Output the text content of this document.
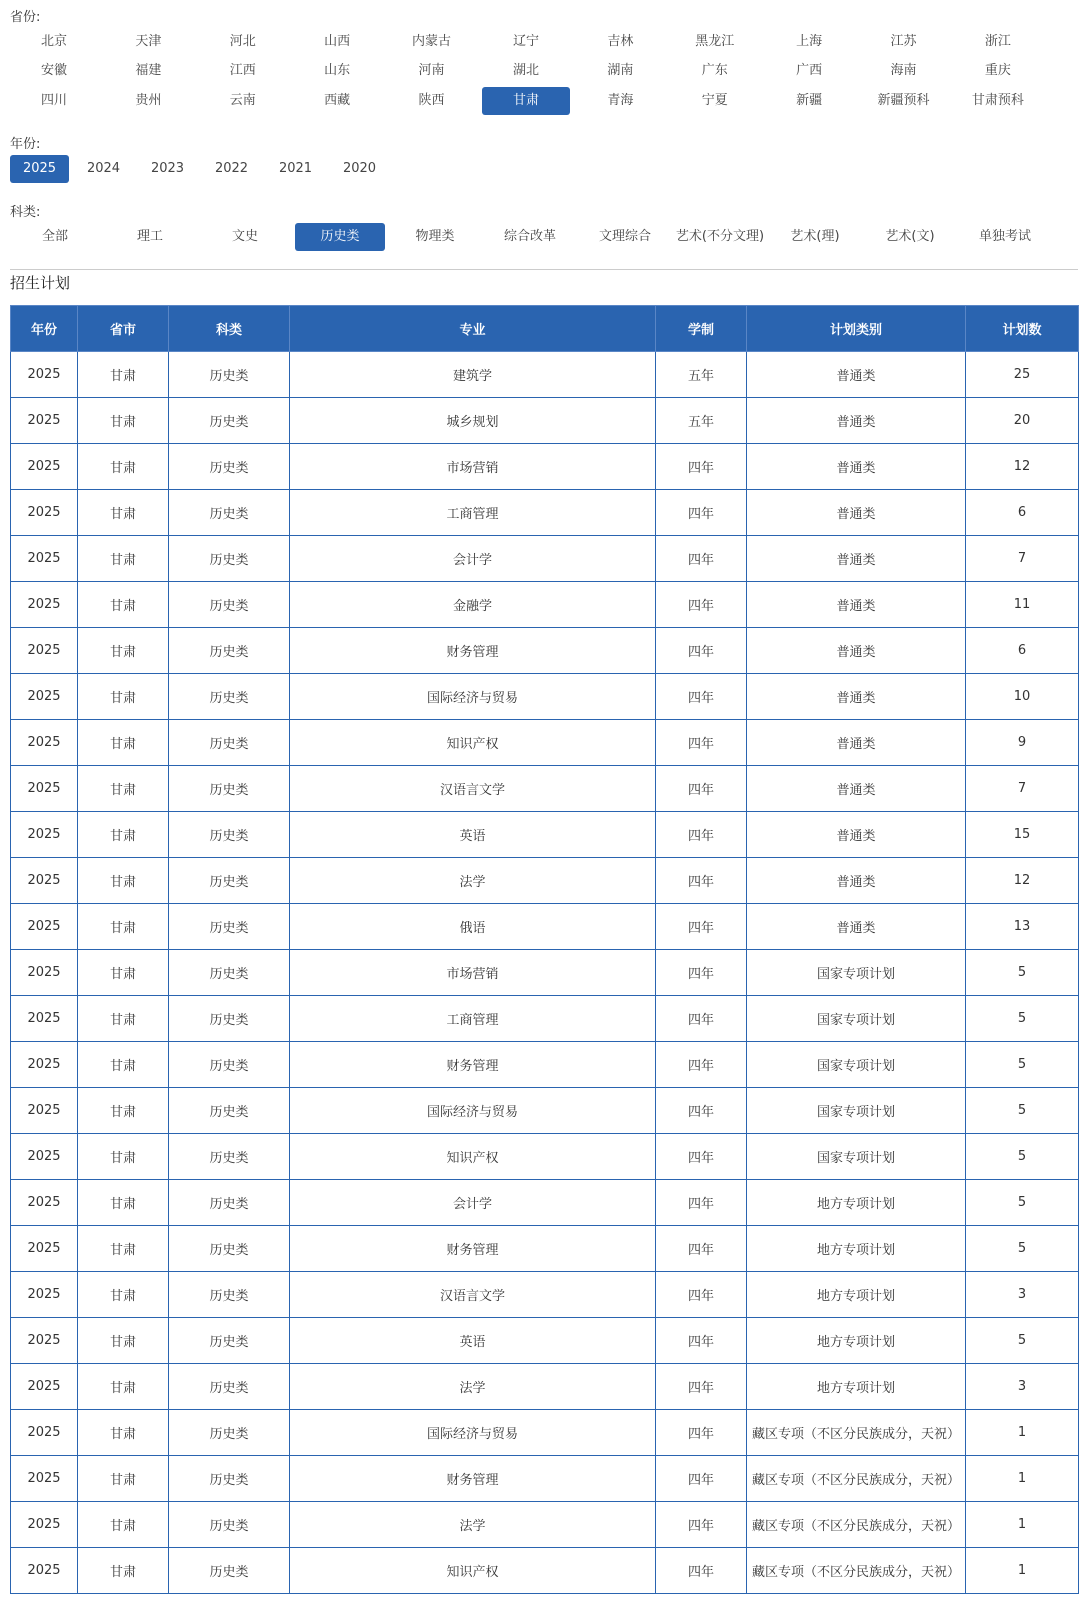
省份:
北京	天津	河北	山西	内蒙古	辽宁	吉林	黑龙江	上海	江苏	浙江
安徽	福建	江西	山东	河南	湖北	湖南	广东	广西	海南	重庆
四川	贵州	云南	西藏	陕西	甘肃	青海	宁夏	新疆	新疆预科	甘肃预科
年份:
2025	2024	2023	2022	2021	2020
科类:
全部	理工	文史	历史类	物理类	综合改革	文理综合	艺术(不分文理)	艺术(理)	艺术(文)	单独考试
招生计划
年份	省市	科类	专业	学制	计划类别	计划数
2025	甘肃	历史类	建筑学	五年	普通类	25
2025	甘肃	历史类	城乡规划	五年	普通类	20
2025	甘肃	历史类	市场营销	四年	普通类	12
2025	甘肃	历史类	工商管理	四年	普通类	6
2025	甘肃	历史类	会计学	四年	普通类	7
2025	甘肃	历史类	金融学	四年	普通类	11
2025	甘肃	历史类	财务管理	四年	普通类	6
2025	甘肃	历史类	国际经济与贸易	四年	普通类	10
2025	甘肃	历史类	知识产权	四年	普通类	9
2025	甘肃	历史类	汉语言文学	四年	普通类	7
2025	甘肃	历史类	英语	四年	普通类	15
2025	甘肃	历史类	法学	四年	普通类	12
2025	甘肃	历史类	俄语	四年	普通类	13
2025	甘肃	历史类	市场营销	四年	国家专项计划	5
2025	甘肃	历史类	工商管理	四年	国家专项计划	5
2025	甘肃	历史类	财务管理	四年	国家专项计划	5
2025	甘肃	历史类	国际经济与贸易	四年	国家专项计划	5
2025	甘肃	历史类	知识产权	四年	国家专项计划	5
2025	甘肃	历史类	会计学	四年	地方专项计划	5
2025	甘肃	历史类	财务管理	四年	地方专项计划	5
2025	甘肃	历史类	汉语言文学	四年	地方专项计划	3
2025	甘肃	历史类	英语	四年	地方专项计划	5
2025	甘肃	历史类	法学	四年	地方专项计划	3
2025	甘肃	历史类	国际经济与贸易	四年	藏区专项（不区分民族成分，天祝）	1
2025	甘肃	历史类	财务管理	四年	藏区专项（不区分民族成分，天祝）	1
2025	甘肃	历史类	法学	四年	藏区专项（不区分民族成分，天祝）	1
2025	甘肃	历史类	知识产权	四年	藏区专项（不区分民族成分，天祝）	1
